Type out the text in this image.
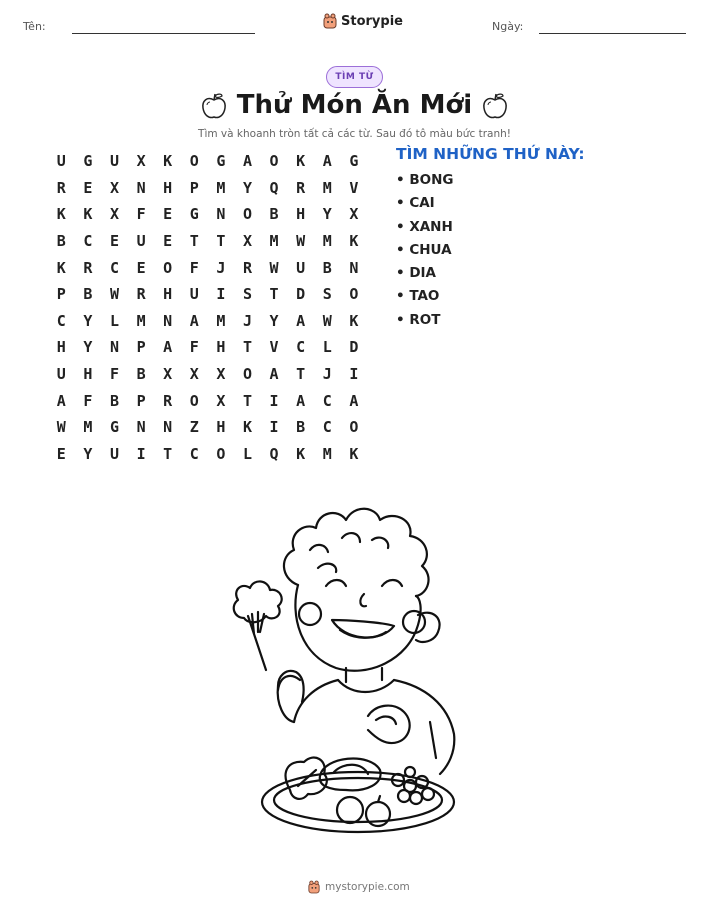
Tên:	Storypie	Ngày:
TÌM TỪ
Thử Món Ăn Mới
Tìm và khoanh tròn tất cả các từ. Sau đó tô màu bức tranh!
U	G	U	X	K	O	G	A	O	K	A	G
R	E	X	N	H	P	M	Y	Q	R	M	V
K	K	X	F	E	G	N	O	B	H	Y	X
B	C	E	U	E	T	T	X	M	W	M	K
K	R	C	E	O	F	J	R	W	U	B	N
P	B	W	R	H	U	I	S	T	D	S	O
C	Y	L	M	N	A	M	J	Y	A	W	K
H	Y	N	P	A	F	H	T	V	C	L	D
U	H	F	B	X	X	X	O	A	T	J	I
A	F	B	P	R	O	X	T	I	A	C	A
W	M	G	N	N	Z	H	K	I	B	C	O
E	Y	U	I	T	C	O	L	Q	K	M	K
TÌM NHỮNG THỨ NÀY:
• BONG
• CAI
• XANH
• CHUA
• DIA
• TAO
• ROT
mystorypie.com
